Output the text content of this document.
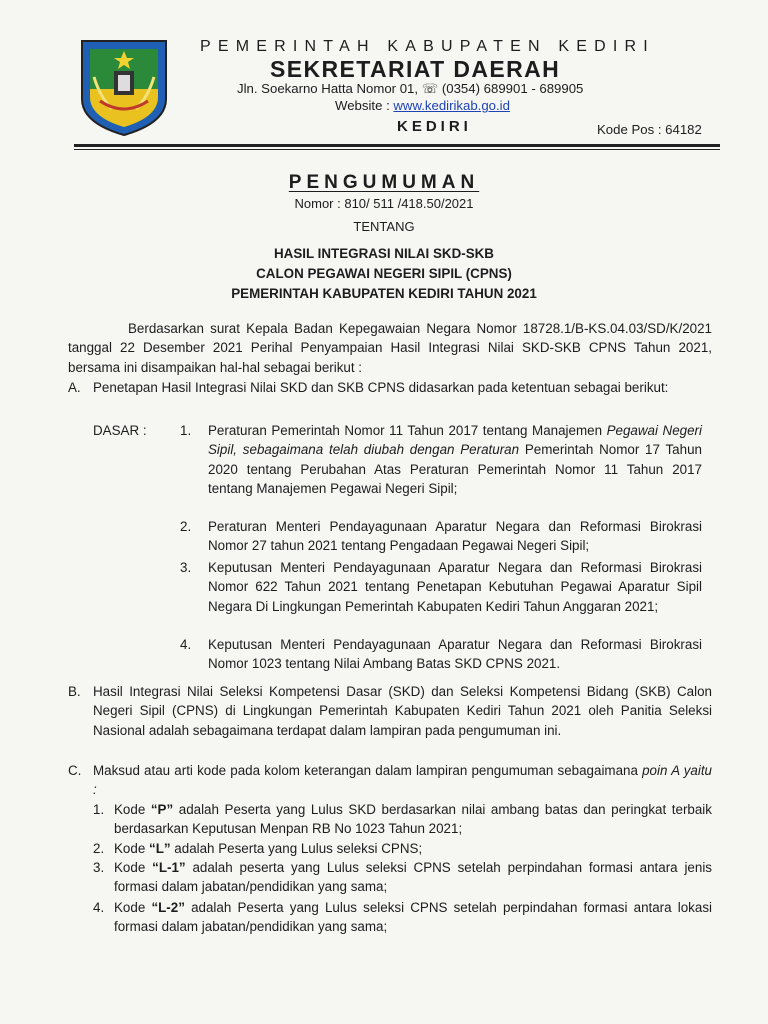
PEMERINTAH KABUPATEN KEDIRI
SEKRETARIAT DAERAH
Jln. Soekarno Hatta Nomor 01, ☏ (0354) 689901 - 689905
Website : www.kedirikab.go.id
KEDIRI	Kode Pos : 64182
PENGUMUMAN
Nomor : 810/ 511 /418.50/2021
TENTANG
HASIL INTEGRASI NILAI SKD-SKB
CALON PEGAWAI NEGERI SIPIL (CPNS)
PEMERINTAH KABUPATEN KEDIRI TAHUN 2021
Berdasarkan surat Kepala Badan Kepegawaian Negara Nomor 18728.1/B-KS.04.03/SD/K/2021 tanggal 22 Desember 2021 Perihal Penyampaian Hasil Integrasi Nilai SKD-SKB CPNS Tahun 2021, bersama ini disampaikan hal-hal sebagai berikut :
A. Penetapan Hasil Integrasi Nilai SKD dan SKB CPNS didasarkan pada ketentuan sebagai berikut:
DASAR : 1. Peraturan Pemerintah Nomor 11 Tahun 2017 tentang Manajemen Pegawai Negeri Sipil, sebagaimana telah diubah dengan Peraturan Pemerintah Nomor 17 Tahun 2020 tentang Perubahan Atas Peraturan Pemerintah Nomor 11 Tahun 2017 tentang Manajemen Pegawai Negeri Sipil;
2. Peraturan Menteri Pendayagunaan Aparatur Negara dan Reformasi Birokrasi Nomor 27 tahun 2021 tentang Pengadaan Pegawai Negeri Sipil;
3. Keputusan Menteri Pendayagunaan Aparatur Negara dan Reformasi Birokrasi Nomor 622 Tahun 2021 tentang Penetapan Kebutuhan Pegawai Aparatur Sipil Negara Di Lingkungan Pemerintah Kabupaten Kediri Tahun Anggaran 2021;
4. Keputusan Menteri Pendayagunaan Aparatur Negara dan Reformasi Birokrasi Nomor 1023 tentang Nilai Ambang Batas SKD CPNS 2021.
B. Hasil Integrasi Nilai Seleksi Kompetensi Dasar (SKD) dan Seleksi Kompetensi Bidang (SKB) Calon Negeri Sipil (CPNS) di Lingkungan Pemerintah Kabupaten Kediri Tahun 2021 oleh Panitia Seleksi Nasional adalah sebagaimana terdapat dalam lampiran pada pengumuman ini.
C. Maksud atau arti kode pada kolom keterangan dalam lampiran pengumuman sebagaimana poin A yaitu :
1. Kode “P” adalah Peserta yang Lulus SKD berdasarkan nilai ambang batas dan peringkat terbaik berdasarkan Keputusan Menpan RB No 1023 Tahun 2021;
2. Kode “L” adalah Peserta yang Lulus seleksi CPNS;
3. Kode “L-1” adalah peserta yang Lulus seleksi CPNS setelah perpindahan formasi antara jenis formasi dalam jabatan/pendidikan yang sama;
4. Kode “L-2” adalah Peserta yang Lulus seleksi CPNS setelah perpindahan formasi antara lokasi formasi dalam jabatan/pendidikan yang sama;
